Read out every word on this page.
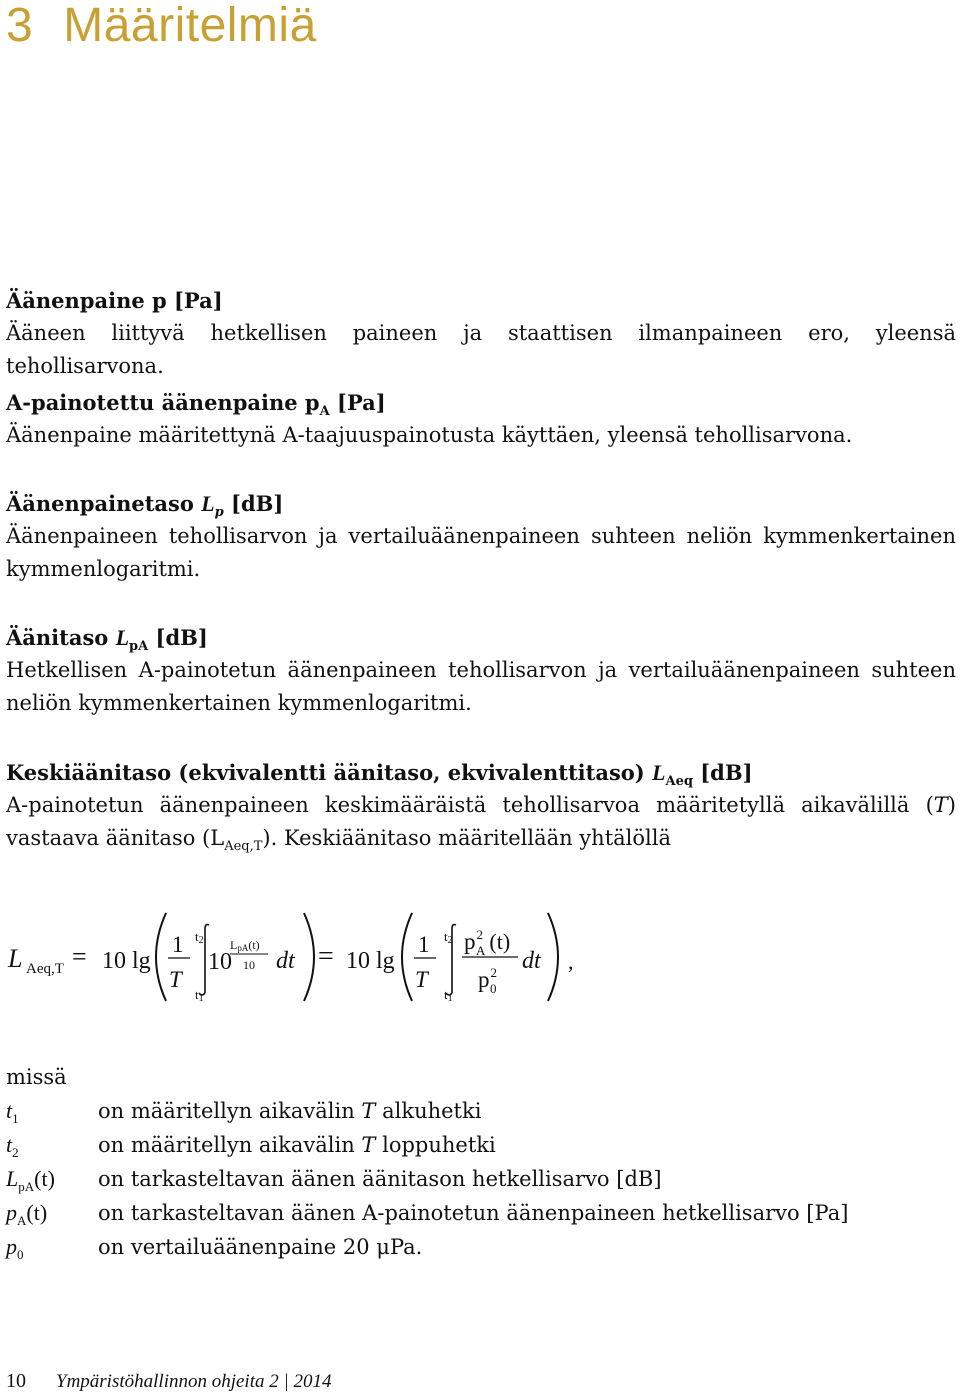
3 Määritelmiä
Äänenpaine p [Pa]
Ääneen liittyvä hetkellisen paineen ja staattisen ilmanpaineen ero, yleensä tehollisarvona.
A-painotettu äänenpaine $p_A$ [Pa]
Äänenpaine määritettynä A-taajuuspainotusta käyttäen, yleensä tehollisarvona.
Äänenpainetaso $L_p$ [dB]
Äänenpaineen tehollisarvon ja vertailuäänenpaineen suhteen neliön kymmenkertainen kymmenlogaritmi.
Äänitaso $L_{pA}$ [dB]
Hetkellisen A-painotetun äänenpaineen tehollisarvon ja vertailuäänenpaineen suhteen neliön kymmenkertainen kymmenlogaritmi.
Keskiäänitaso (ekvivalentti äänitaso, ekvivalenttitaso) $L_{Aeq}$ [dB]
A-painotetun äänenpaineen keskimääräistä tehollisarvoa määritetyllä aikavälillä (T) vastaava äänitaso $(L_{Aeq,T})$. Keskiäänitaso määritellään yhtälöllä
L Aeq,T = 10 lg
1
T
t2
t1
10
LpA(t)
10 dt = 10 lg
1
T
t2
t1
$p^2$ A (t)
$p^2$ 0
dt ,
missä
$t_1$	on määritellyn aikavälin T alkuhetki
$t_2$	on määritellyn aikavälin T loppuhetki
$L_{pA}(t)$	on tarkasteltavan äänen äänitason hetkellisarvo [dB]
$p_A(t)$	on tarkasteltavan äänen A-painotetun äänenpaineen hetkellisarvo [Pa]
$p_0$	on vertailuäänenpaine 20 μPa.
10 Ympäristöhallinnon ohjeita 2 | 2014
